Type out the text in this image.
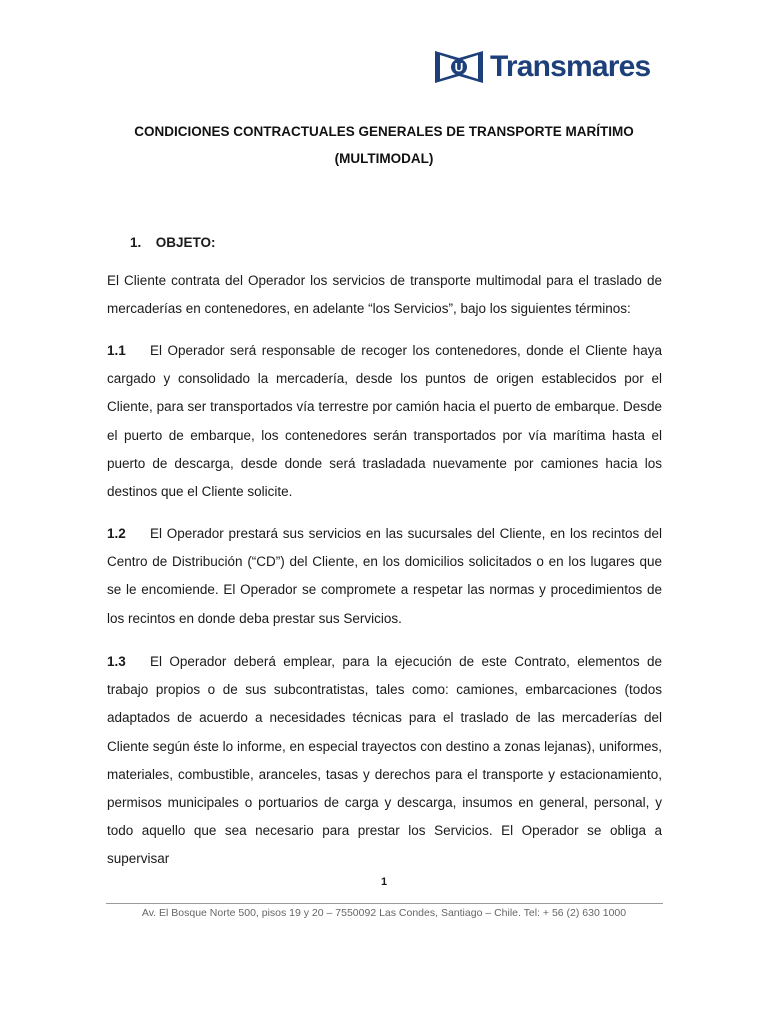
U Transmares
CONDICIONES CONTRACTUALES GENERALES DE TRANSPORTE MARÍTIMO
(MULTIMODAL)
1. OBJETO:

El Cliente contrata del Operador los servicios de transporte multimodal para el traslado de mercaderías en contenedores, en adelante “los Servicios”, bajo los siguientes términos:

1.1 El Operador será responsable de recoger los contenedores, donde el Cliente haya cargado y consolidado la mercadería, desde los puntos de origen establecidos por el Cliente, para ser transportados vía terrestre por camión hacia el puerto de embarque. Desde el puerto de embarque, los contenedores serán transportados por vía marítima hasta el puerto de descarga, desde donde será trasladada nuevamente por camiones hacia los destinos que el Cliente solicite.

1.2 El Operador prestará sus servicios en las sucursales del Cliente, en los recintos del Centro de Distribución (“CD”) del Cliente, en los domicilios solicitados o en los lugares que se le encomiende. El Operador se compromete a respetar las normas y procedimientos de los recintos en donde deba prestar sus Servicios.

1.3 El Operador deberá emplear, para la ejecución de este Contrato, elementos de trabajo propios o de sus subcontratistas, tales como: camiones, embarcaciones (todos adaptados de acuerdo a necesidades técnicas para el traslado de las mercaderías del Cliente según éste lo informe, en especial trayectos con destino a zonas lejanas), uniformes, materiales, combustible, aranceles, tasas y derechos para el transporte y estacionamiento, permisos municipales o portuarios de carga y descarga, insumos en general, personal, y todo aquello que sea necesario para prestar los Servicios. El Operador se obliga a supervisar

1
Av. El Bosque Norte 500, pisos 19 y 20 – 7550092 Las Condes, Santiago – Chile. Tel: + 56 (2) 630 1000
